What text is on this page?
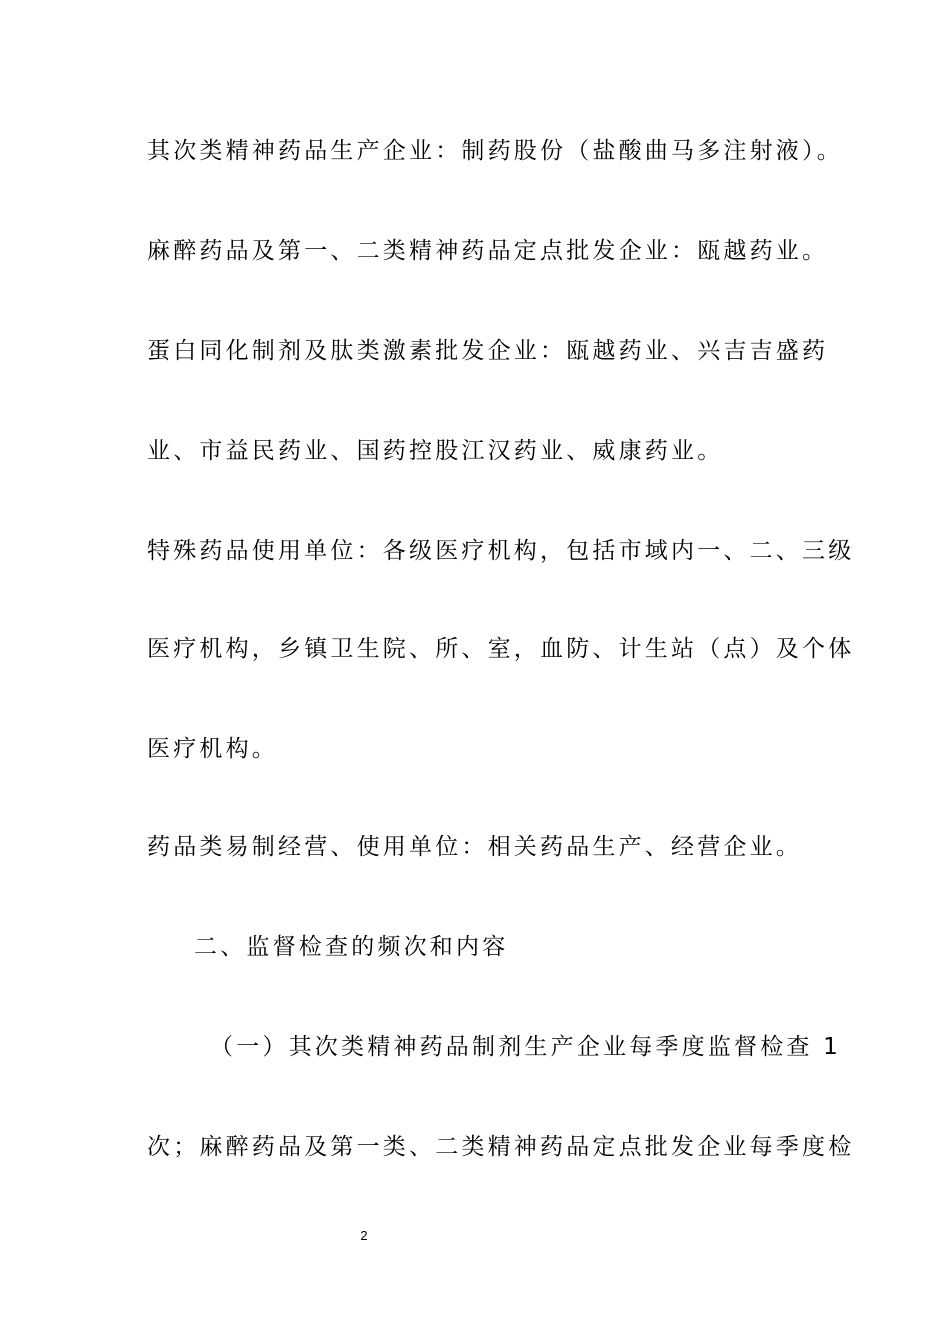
其次类精神药品生产企业：制药股份（盐酸曲马多注射液）。
麻醉药品及第一、二类精神药品定点批发企业：瓯越药业。
蛋白同化制剂及肽类激素批发企业：瓯越药业、兴吉吉盛药
业、市益民药业、国药控股江汉药业、威康药业。
特殊药品使用单位：各级医疗机构，包括市域内一、二、三级
医疗机构，乡镇卫生院、所、室，血防、计生站（点）及个体
医疗机构。
药品类易制经营、使用单位：相关药品生产、经营企业。
二、监督检查的频次和内容
（一）其次类精神药品制剂生产企业每季度监督检查 1
次；麻醉药品及第一类、二类精神药品定点批发企业每季度检
2
